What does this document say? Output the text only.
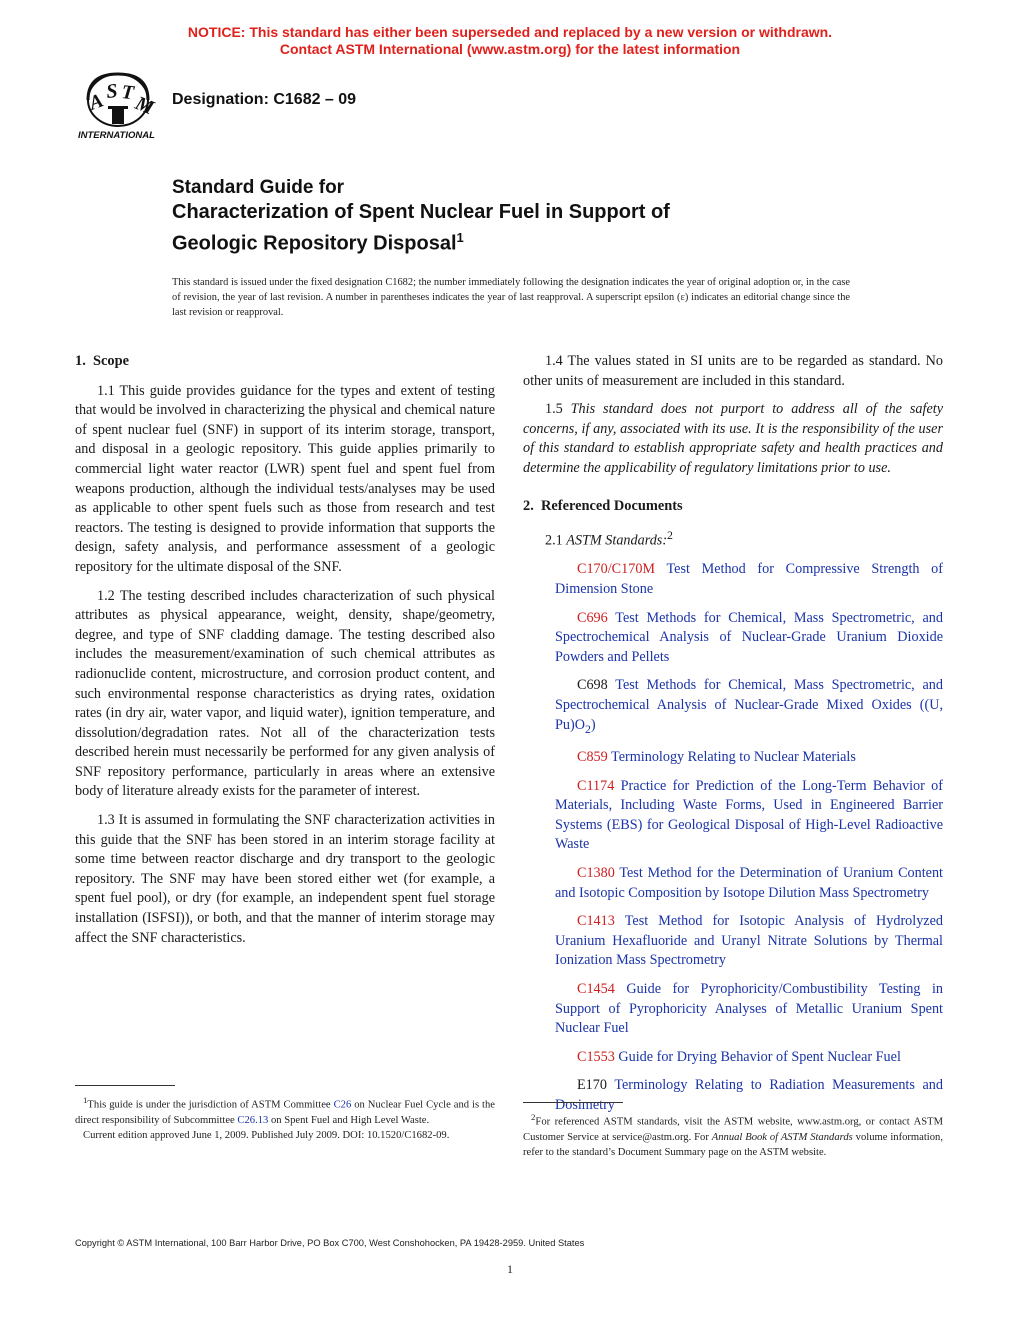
NOTICE: This standard has either been superseded and replaced by a new version or withdrawn.
Contact ASTM International (www.astm.org) for the latest information
A
S T
M
INTERNATIONAL
Designation: C1682 – 09
Standard Guide for
Characterization of Spent Nuclear Fuel in Support of
Geologic Repository Disposal$^1$
This standard is issued under the fixed designation C1682; the number immediately following the designation indicates the year of original adoption or, in the case of revision, the year of last revision. A number in parentheses indicates the year of last reapproval. A superscript epsilon (ε) indicates an editorial change since the last revision or reapproval.
1. Scope

1.1 This guide provides guidance for the types and extent of testing that would be involved in characterizing the physical and chemical nature of spent nuclear fuel (SNF) in support of its interim storage, transport, and disposal in a geologic repository. This guide applies primarily to commercial light water reactor (LWR) spent fuel and spent fuel from weapons production, although the individual tests/analyses may be used as applicable to other spent fuels such as those from research and test reactors. The testing is designed to provide information that supports the design, safety analysis, and performance assessment of a geologic repository for the ultimate disposal of the SNF.

1.2 The testing described includes characterization of such physical attributes as physical appearance, weight, density, shape/geometry, degree, and type of SNF cladding damage. The testing described also includes the measurement/examination of such chemical attributes as radionuclide content, microstructure, and corrosion product content, and such environmental response characteristics as drying rates, oxidation rates (in dry air, water vapor, and liquid water), ignition temperature, and dissolution/degradation rates. Not all of the characterization tests described herein must necessarily be performed for any given analysis of SNF repository performance, particularly in areas where an extensive body of literature already exists for the parameter of interest.

1.3 It is assumed in formulating the SNF characterization activities in this guide that the SNF has been stored in an interim storage facility at some time between reactor discharge and dry transport to the geologic repository. The SNF may have been stored either wet (for example, a spent fuel pool), or dry (for example, an independent spent fuel storage installation (ISFSI)), or both, and that the manner of interim storage may affect the SNF characteristics.

1.4 The values stated in SI units are to be regarded as standard. No other units of measurement are included in this standard.

1.5 This standard does not purport to address all of the safety concerns, if any, associated with its use. It is the responsibility of the user of this standard to establish appropriate safety and health practices and determine the applicability of regulatory limitations prior to use.

2. Referenced Documents

2.1 ASTM Standards:$^2$

C170/C170M Test Method for Compressive Strength of Dimension Stone

C696 Test Methods for Chemical, Mass Spectrometric, and Spectrochemical Analysis of Nuclear-Grade Uranium Dioxide Powders and Pellets

C698 Test Methods for Chemical, Mass Spectrometric, and Spectrochemical Analysis of Nuclear-Grade Mixed Oxides ((U, $Pu)O_2$)

C859 Terminology Relating to Nuclear Materials

C1174 Practice for Prediction of the Long-Term Behavior of Materials, Including Waste Forms, Used in Engineered Barrier Systems (EBS) for Geological Disposal of High-Level Radioactive Waste

C1380 Test Method for the Determination of Uranium Content and Isotopic Composition by Isotope Dilution Mass Spectrometry

C1413 Test Method for Isotopic Analysis of Hydrolyzed Uranium Hexafluoride and Uranyl Nitrate Solutions by Thermal Ionization Mass Spectrometry

C1454 Guide for Pyrophoricity/Combustibility Testing in Support of Pyrophoricity Analyses of Metallic Uranium Spent Nuclear Fuel

C1553 Guide for Drying Behavior of Spent Nuclear Fuel

E170 Terminology Relating to Radiation Measurements and Dosimetry

$^1$This guide is under the jurisdiction of ASTM Committee C26 on Nuclear Fuel Cycle and is the direct responsibility of Subcommittee C26.13 on Spent Fuel and High Level Waste.

Current edition approved June 1, 2009. Published July 2009. DOI: 10.1520/C1682-09.

$^2$For referenced ASTM standards, visit the ASTM website, www.astm.org, or contact ASTM Customer Service at service@astm.org. For Annual Book of ASTM Standards volume information, refer to the standard’s Document Summary page on the ASTM website.

Copyright © ASTM International, 100 Barr Harbor Drive, PO Box C700, West Conshohocken, PA 19428-2959. United States
1
